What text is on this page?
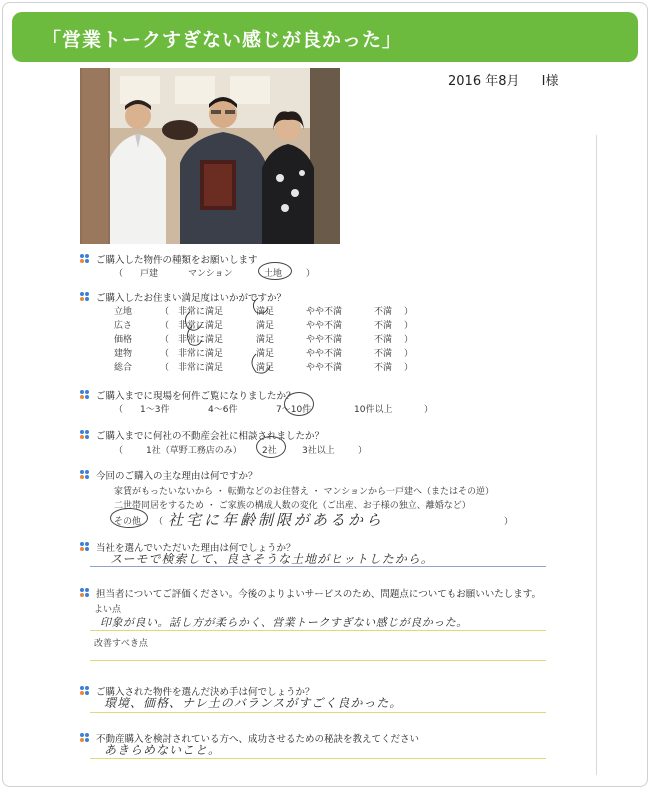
「営業トークすぎない感じが良かった」
2016 年8月 I様
ご購入した物件の種類をお願いします
（ 戸建	マンション	土地	）
ご購入したお住まい満足度はいかがですか？
立地	（ 非常に満足	満足	やや不満	不満 ）
広さ	（ 非常に満足	満足	やや不満	不満 ）
価格	（ 非常に満足	満足	やや不満	不満 ）
建物	（ 非常に満足	満足	やや不満	不満 ）
総合	（ 非常に満足	満足	やや不満	不満 ）
ご購入までに現場を何件ご覧になりましたか？
（ 1～3件	4～6件	7～10件	10件以上	）
ご購入までに何社の不動産会社に相談されましたか？
（	1社（草野工務店のみ） 2社	3社以上	）
今回のご購入の主な理由は何ですか？
家賃がもったいないから ・ 転勤などのお住替え ・ マンションから一戸建へ（またはその逆）
二世帯同居をするため ・ ご家族の構成人数の変化（ご出産、お子様の独立、離婚など）
その他 （ 社宅に年齢制限があるから	）
当社を選んでいただいた理由は何でしょうか？
スーモで検索して、良さそうな土地がヒットしたから。
担当者についてご評価ください。今後のよりよいサービスのため、問題点についてもお願いいたします。
よい点
印象が良い。話し方が柔らかく、営業トークすぎない感じが良かった。
改善すべき点
ご購入された物件を選んだ決め手は何でしょうか？
環境、価格、ナレ土のバランスがすごく良かった。
不動産購入を検討されている方へ、成功させるための秘訣を教えてください
あきらめないこと。
